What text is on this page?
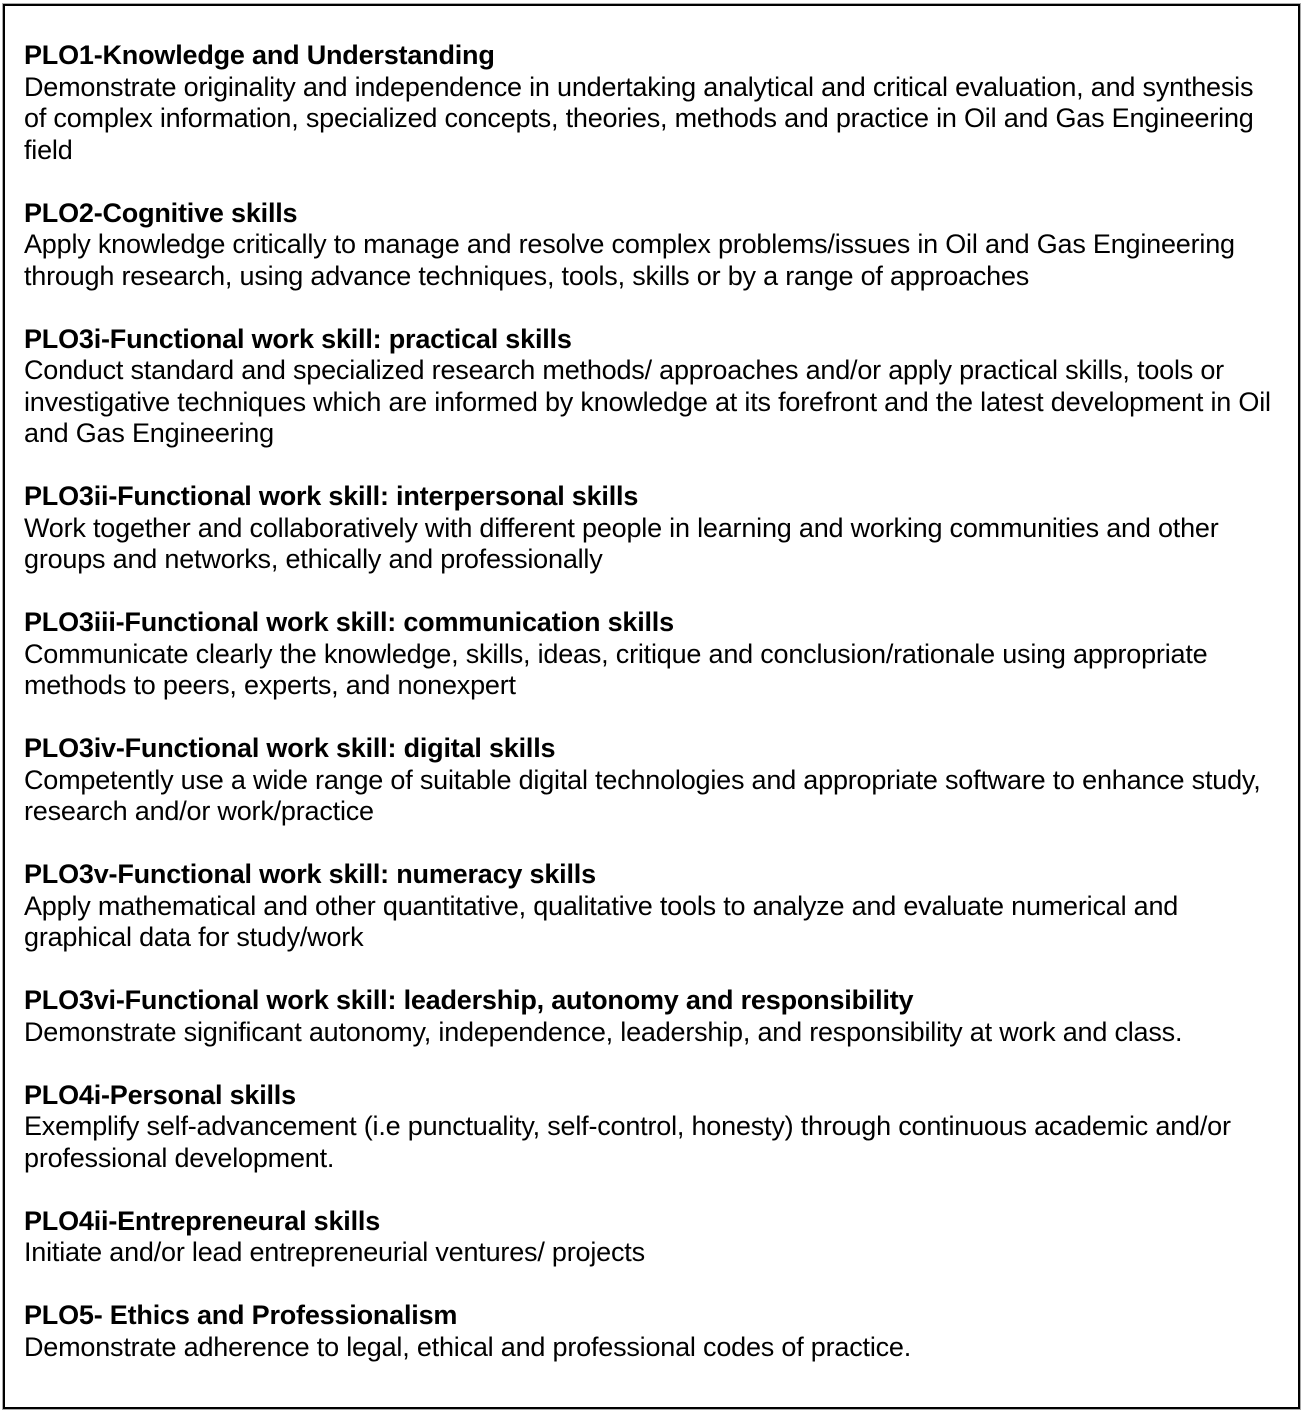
PLO1-Knowledge and Understanding

Demonstrate originality and independence in undertaking analytical and critical evaluation, and synthesis of complex information, specialized concepts, theories, methods and practice in Oil and Gas Engineering field

PLO2-Cognitive skills

Apply knowledge critically to manage and resolve complex problems/issues in Oil and Gas Engineering through research, using advance techniques, tools, skills or by a range of approaches

PLO3i-Functional work skill: practical skills

Conduct standard and specialized research methods/ approaches and/or apply practical skills, tools or investigative techniques which are informed by knowledge at its forefront and the latest development in Oil and Gas Engineering

PLO3ii-Functional work skill: interpersonal skills

Work together and collaboratively with different people in learning and working communities and other groups and networks, ethically and professionally

PLO3iii-Functional work skill: communication skills

Communicate clearly the knowledge, skills, ideas, critique and conclusion/rationale using appropriate methods to peers, experts, and nonexpert

PLO3iv-Functional work skill: digital skills

Competently use a wide range of suitable digital technologies and appropriate software to enhance study, research and/or work/practice

PLO3v-Functional work skill: numeracy skills

Apply mathematical and other quantitative, qualitative tools to analyze and evaluate numerical and graphical data for study/work

PLO3vi-Functional work skill: leadership, autonomy and responsibility

Demonstrate significant autonomy, independence, leadership, and responsibility at work and class.

PLO4i-Personal skills

Exemplify self-advancement (i.e punctuality, self-control, honesty) through continuous academic and/or professional development.

PLO4ii-Entrepreneural skills

Initiate and/or lead entrepreneurial ventures/ projects

PLO5- Ethics and Professionalism

Demonstrate adherence to legal, ethical and professional codes of practice.
